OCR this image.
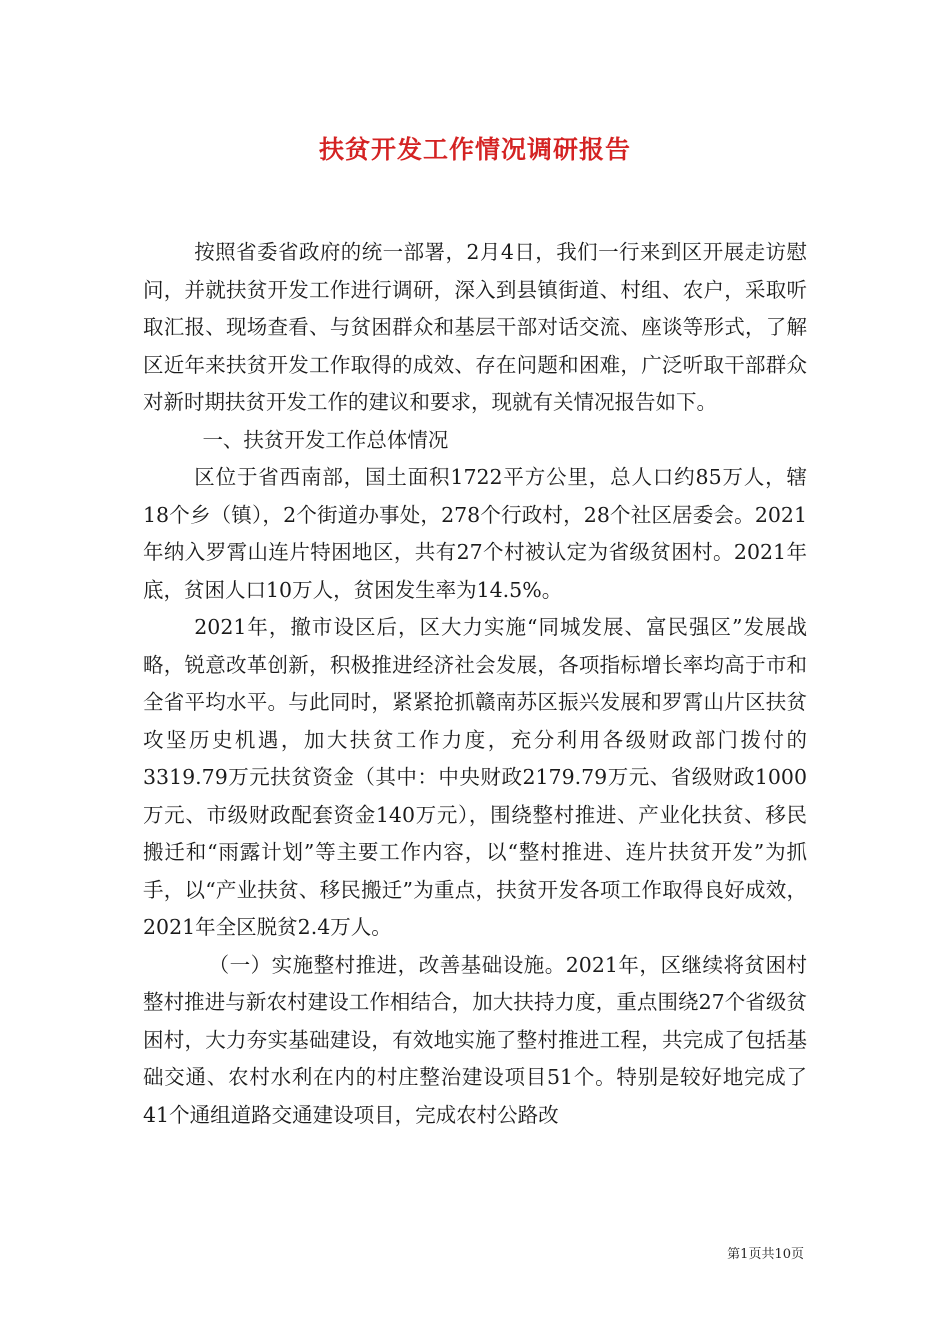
扶贫开发工作情况调研报告

按照省委省政府的统一部署，2月4日，我们一行来到区开展走访慰问，并就扶贫开发工作进行调研，深入到县镇街道、村组、农户，采取听取汇报、现场查看、与贫困群众和基层干部对话交流、座谈等形式，了解区近年来扶贫开发工作取得的成效、存在问题和困难，广泛听取干部群众对新时期扶贫开发工作的建议和要求，现就有关情况报告如下。

一、扶贫开发工作总体情况

区位于省西南部，国土面积1722平方公里，总人口约85万人，辖18个乡（镇），2个街道办事处，278个行政村，28个社区居委会。2021年纳入罗霄山连片特困地区，共有27个村被认定为省级贫困村。2021年底，贫困人口10万人，贫困发生率为14.5%。

2021年，撤市设区后，区大力实施“同城发展、富民强区”发展战略，锐意改革创新，积极推进经济社会发展，各项指标增长率均高于市和全省平均水平。与此同时，紧紧抢抓赣南苏区振兴发展和罗霄山片区扶贫攻坚历史机遇，加大扶贫工作力度，充分利用各级财政部门拨付的3319.79万元扶贫资金（其中：中央财政2179.79万元、省级财政1000万元、市级财政配套资金140万元），围绕整村推进、产业化扶贫、移民搬迁和“雨露计划”等主要工作内容，以“整村推进、连片扶贫开发”为抓手，以“产业扶贫、移民搬迁”为重点，扶贫开发各项工作取得良好成效，2021年全区脱贫2.4万人。

（一）实施整村推进，改善基础设施。2021年，区继续将贫困村整村推进与新农村建设工作相结合，加大扶持力度，重点围绕27个省级贫困村，大力夯实基础建设，有效地实施了整村推进工程，共完成了包括基础交通、农村水利在内的村庄整治建设项目51个。特别是较好地完成了41个通组道路交通建设项目，完成农村公路改

第1页共10页
